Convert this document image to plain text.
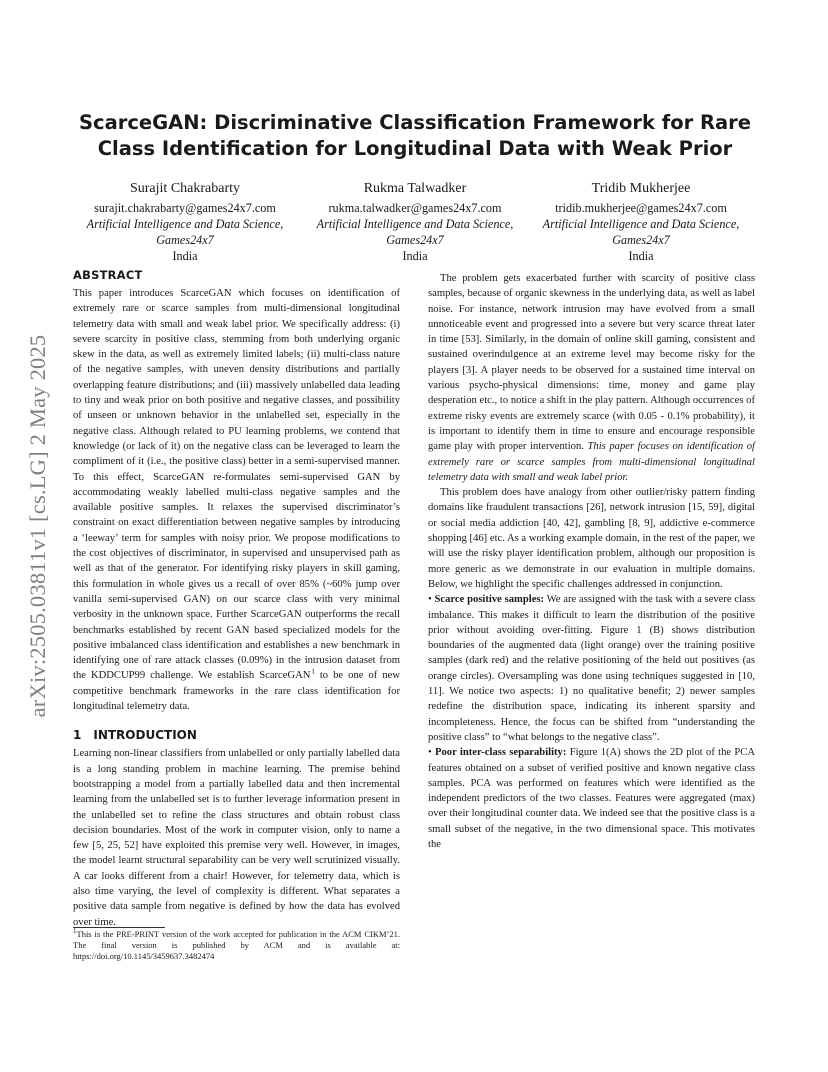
arXiv:2505.03811v1 [cs.LG] 2 May 2025
ScarceGAN: Discriminative Classification Framework for Rare
Class Identification for Longitudinal Data with Weak Prior
Surajit Chakrabarty
surajit.chakrabarty@games24x7.com
Artificial Intelligence and Data Science,
Games24x7
India
Rukma Talwadker
rukma.talwadker@games24x7.com
Artificial Intelligence and Data Science,
Games24x7
India
Tridib Mukherjee
tridib.mukherjee@games24x7.com
Artificial Intelligence and Data Science,
Games24x7
India
ABSTRACT

This paper introduces ScarceGAN which focuses on identification of extremely rare or scarce samples from multi-dimensional longitudinal telemetry data with small and weak label prior. We specifically address: (i) severe scarcity in positive class, stemming from both underlying organic skew in the data, as well as extremely limited labels; (ii) multi-class nature of the negative samples, with uneven density distributions and partially overlapping feature distributions; and (iii) massively unlabelled data leading to tiny and weak prior on both positive and negative classes, and possibility of unseen or unknown behavior in the unlabelled set, especially in the negative class. Although related to PU learning problems, we contend that knowledge (or lack of it) on the negative class can be leveraged to learn the compliment of it (i.e., the positive class) better in a semi-supervised manner. To this effect, ScarceGAN re-formulates semi-supervised GAN by accommodating weakly labelled multi-class negative samples and the available positive samples. It relaxes the supervised discriminator’s constraint on exact differentiation between negative samples by introducing a ‘leeway’ term for samples with noisy prior. We propose modifications to the cost objectives of discriminator, in supervised and unsupervised path as well as that of the generator. For identifying risky players in skill gaming, this formulation in whole gives us a recall of over 85% (~60% jump over vanilla semi-supervised GAN) on our scarce class with very minimal verbosity in the unknown space. Further ScarceGAN outperforms the recall benchmarks established by recent GAN based specialized models for the positive imbalanced class identification and establishes a new benchmark in identifying one of rare attack classes (0.09%) in the intrusion dataset from the KDDCUP99 challenge. We establish ScarceGAN $^1$ to be one of new competitive benchmark frameworks in the rare class identification for longitudinal telemetry data.

1 INTRODUCTION

Learning non-linear classifiers from unlabelled or only partially labelled data is a long standing problem in machine learning. The premise behind bootstrapping a model from a partially labelled data and then incremental learning from the unlabelled set is to further leverage information present in the unlabelled set to refine the class structures and obtain robust class decision boundaries. Most of the work in computer vision, only to name a few [5, 25, 52] have exploited this premise very well. However, in images, the model learnt structural separability can be very well scrutinized visually. A car looks different from a chair! However, for telemetry data, which is also time varying, the level of complexity is different. What separates a positive data sample from negative is defined by how the data has evolved over time.

$^1$This is the PRE-PRINT version of the work accepted for publication in the ACM CIKM’21. The final version is published by ACM and is available at: https://doi.org/10.1145/3459637.3482474

The problem gets exacerbated further with scarcity of positive class samples, because of organic skewness in the underlying data, as well as label noise. For instance, network intrusion may have evolved from a small unnoticeable event and progressed into a severe but very scarce threat later in time [53]. Similarly, in the domain of online skill gaming, consistent and sustained overindulgence at an extreme level may become risky for the players [3]. A player needs to be observed for a sustained time interval on various psycho-physical dimensions: time, money and game play desperation etc., to notice a shift in the play pattern. Although occurrences of extreme risky events are extremely scarce (with 0.05 - 0.1% probability), it is important to identify them in time to ensure and encourage responsible game play with proper intervention. This paper focuses on identification of extremely rare or scarce samples from multi-dimensional longitudinal telemetry data with small and weak label prior.

This problem does have analogy from other outlier/risky pattern finding domains like fraudulent transactions [26], network intrusion [15, 59], digital or social media addiction [40, 42], gambling [8, 9], addictive e-commerce shopping [46] etc. As a working example domain, in the rest of the paper, we will use the risky player identification problem, although our proposition is more generic as we demonstrate in our evaluation in multiple domains. Below, we highlight the specific challenges addressed in conjunction.

• Scarce positive samples: We are assigned with the task with a severe class imbalance. This makes it difficult to learn the distribution of the positive prior without avoiding over-fitting. Figure 1 (B) shows distribution boundaries of the augmented data (light orange) over the training positive samples (dark red) and the relative positioning of the held out positives (as orange circles). Oversampling was done using techniques suggested in [10, 11]. We notice two aspects: 1) no qualitative benefit; 2) newer samples redefine the distribution space, indicating its inherent sparsity and incompleteness. Hence, the focus can be shifted from “understanding the positive class” to “what belongs to the negative class”.

• Poor inter-class separability: Figure 1(A) shows the 2D plot of the PCA features obtained on a subset of verified positive and known negative class samples. PCA was performed on features which were identified as the independent predictors of the two classes. Features were aggregated (max) over their longitudinal counter data. We indeed see that the positive class is a small subset of the negative, in the two dimensional space. This motivates the
